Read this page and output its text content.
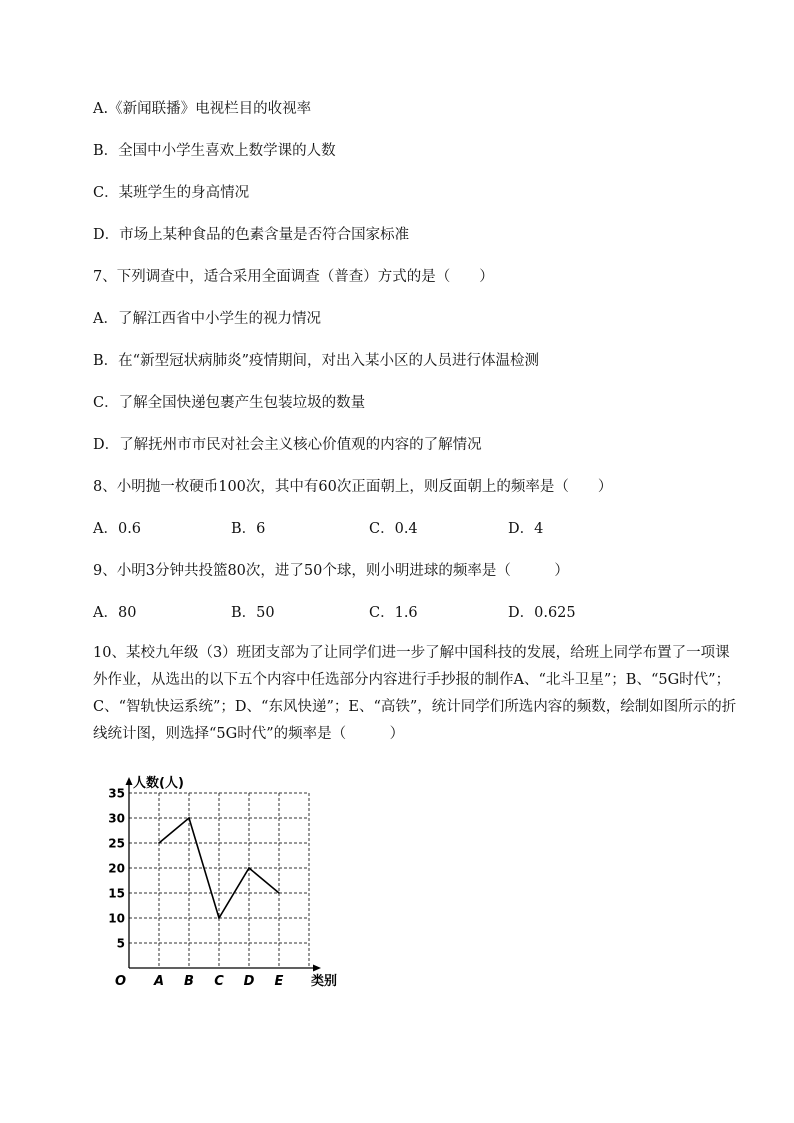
A.《新闻联播》电视栏目的收视率
B．全国中小学生喜欢上数学课的人数
C．某班学生的身高情况
D．市场上某种食品的色素含量是否符合国家标准
7、下列调查中，适合采用全面调查（普查）方式的是（　　）
A．了解江西省中小学生的视力情况
B．在“新型冠状病肺炎”疫情期间，对出入某小区的人员进行体温检测
C．了解全国快递包裹产生包装垃圾的数量
D．了解抚州市市民对社会主义核心价值观的内容的了解情况
8、小明抛一枚硬币100次，其中有60次正面朝上，则反面朝上的频率是（　　）
A．0.6	B．6	C．0.4	D．4
9、小明3分钟共投篮80次，进了50个球，则小明进球的频率是（　　　）
A．80	B．50	C．1.6	D．0.625
10、某校九年级（3）班团支部为了让同学们进一步了解中国科技的发展，给班上同学布置了一项课外作业，从选出的以下五个内容中任选部分内容进行手抄报的制作A、“北斗卫星”；B、“5G时代”；C、“智轨快运系统”；D、“东风快递”；E、“高铁”，统计同学们所选内容的频数，绘制如图所示的折线统计图，则选择“5G时代”的频率是（　　　）
5
10
15
20
25
30
35
A B C D E
O
人数(人)
类别
